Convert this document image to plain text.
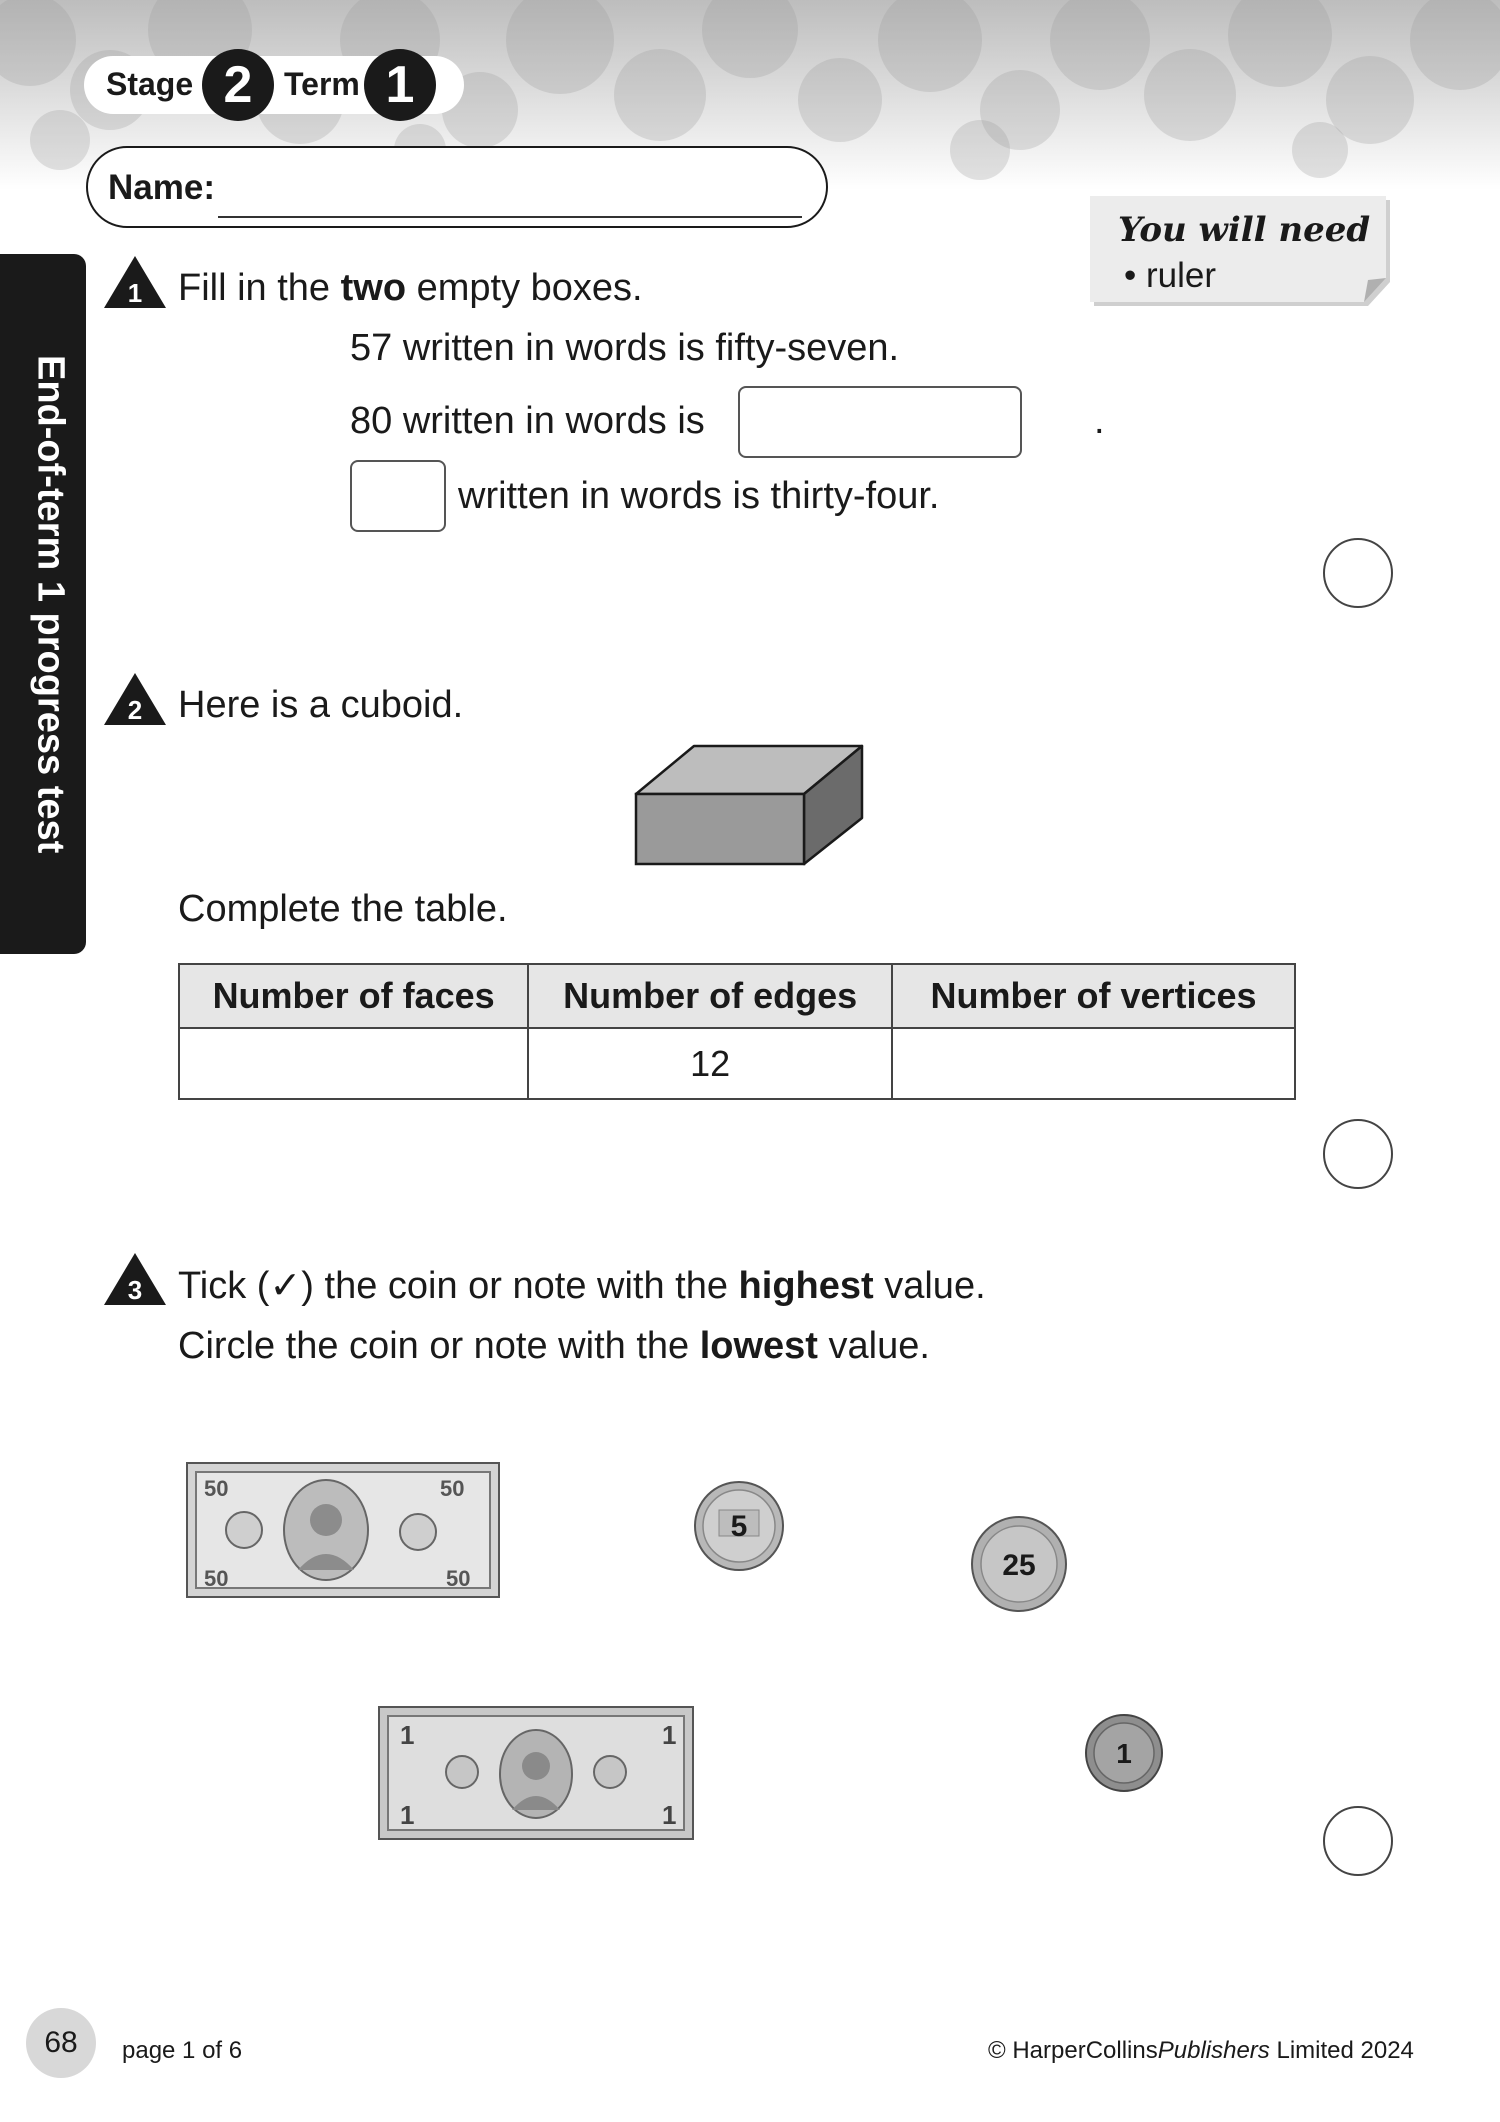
Stage 2 Term 1
Name:
You will need
• ruler
End-of-term 1 progress test
1 Fill in the two empty boxes.
57 written in words is fifty-seven.
80 written in words is	.
written in words is thirty-four.
2 Here is a cuboid.
Complete the table.
Number of faces	Number of edges	Number of vertices
	12	
3 Tick (✓) the coin or note with the highest value.
Circle the coin or note with the lowest value.
50	50
50	50
5
25
1	1
1	1
1
68	page 1 of 6	© HarperCollinsPublishers Limited 2024
